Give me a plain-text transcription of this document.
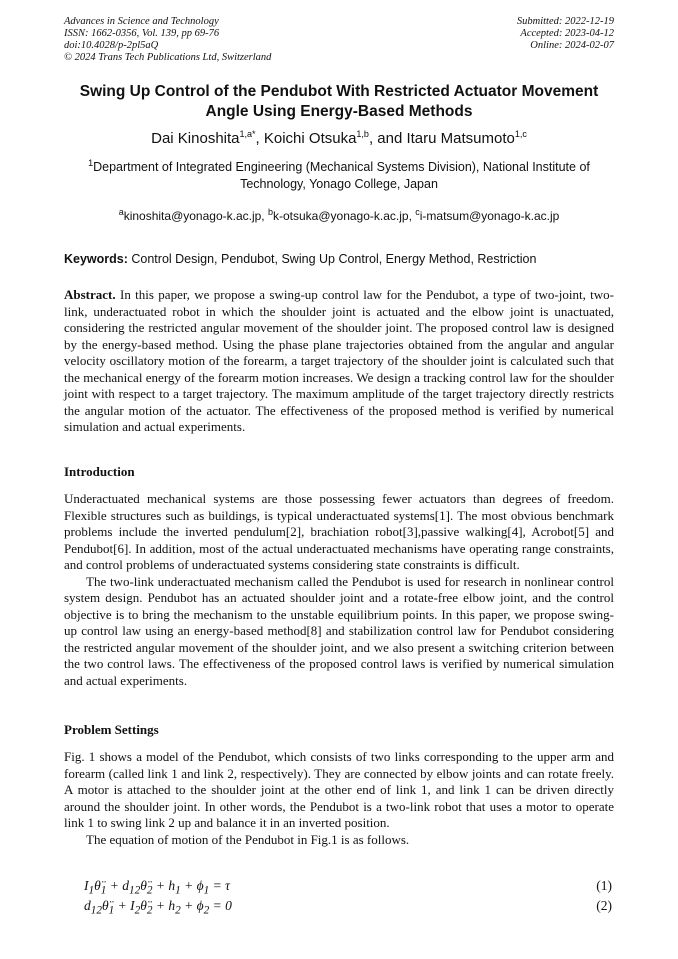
Advances in Science and Technology
ISSN: 1662-0356, Vol. 139, pp 69-76
doi:10.4028/p-2pl5aQ
© 2024 Trans Tech Publications Ltd, Switzerland
Submitted: 2022-12-19
Accepted: 2023-04-12
Online: 2024-02-07
Swing Up Control of the Pendubot With Restricted Actuator Movement Angle Using Energy-Based Methods
Dai Kinoshita$^{1,a*}$, Koichi Otsuka$^{1,b}$, and Itaru Matsumoto$^{1,c}$
$^1$Department of Integrated Engineering (Mechanical Systems Division), National Institute of Technology, Yonago College, Japan
$^a$kinoshita@yonago-k.ac.jp, $^b$k-otsuka@yonago-k.ac.jp, $^c$i-matsum@yonago-k.ac.jp
Keywords: Control Design, Pendubot, Swing Up Control, Energy Method, Restriction
Abstract. In this paper, we propose a swing-up control law for the Pendubot, a type of two-joint, two-link, underactuated robot in which the shoulder joint is actuated and the elbow joint is unactuated, considering the restricted angular movement of the shoulder joint. The proposed control law is designed by the energy-based method. Using the phase plane trajectories obtained from the angular and angular velocity oscillatory motion of the forearm, a target trajectory of the shoulder joint is calculated such that the mechanical energy of the forearm motion increases. We design a tracking control law for the shoulder joint with respect to a target trajectory. The maximum amplitude of the target trajectory directly restricts the angular motion of the actuator. The effectiveness of the proposed method is verified by numerical simulation and actual experiments.
Introduction

Underactuated mechanical systems are those possessing fewer actuators than degrees of freedom. Flexible structures such as buildings, is typical underactuated systems[1]. The most obvious benchmark problems include the inverted pendulum[2], brachiation robot[3],passive walking[4], Acrobot[5] and Pendubot[6]. In addition, most of the actual underactuated mechanisms have operating range constraints, and control problems of underactuated systems considering state constraints is difficult.

The two-link underactuated mechanism called the Pendubot is used for research in nonlinear control system design. Pendubot has an actuated shoulder joint and a rotate-free elbow joint, and the control objective is to bring the mechanism to the unstable equilibrium points. In this paper, we propose swing-up control law using an energy-based method[8] and stabilization control law for Pendubot considering the restricted angular movement of the shoulder joint, and we also present a switching criterion between the two control laws. The effectiveness of the proposed control laws is verified by numerical simulation and actual experiments.

Problem Settings

Fig. 1 shows a model of the Pendubot, which consists of two links corresponding to the upper arm and forearm (called link 1 and link 2, respectively). They are connected by elbow joints and can rotate freely. A motor is attached to the shoulder joint at the other end of link 1, and link 1 can be driven directly around the shoulder joint. In other words, the Pendubot is a two-link robot that uses a motor to operate link 1 to swing link 2 up and balance it in an inverted position.

The equation of motion of the Pendubot in Fig.1 is as follows.

$I_1\thetä_1$ + $d_{12}\thetä_2 + h_1 + \phi_1 = \tau$	(1)
$d_{12}\thetä_1$ + $I_2\thetä_2 + h_2 + \phi_2 = 0$	(2)
